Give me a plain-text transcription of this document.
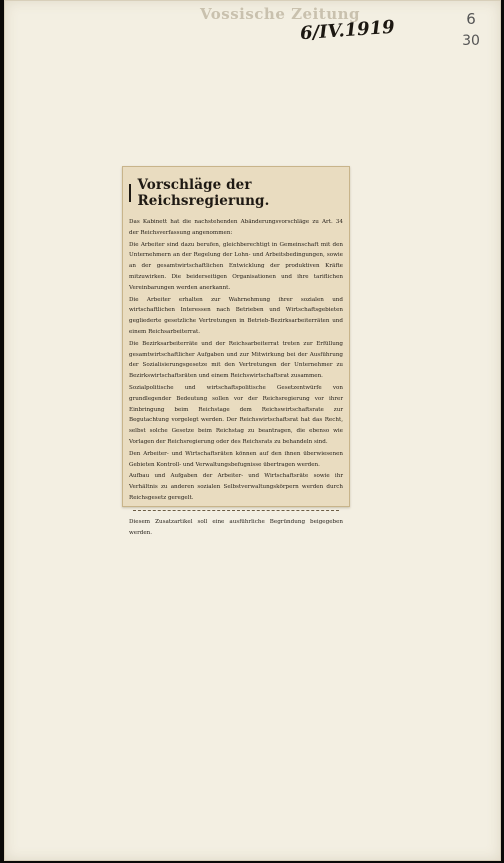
Vossische Zeitung
6/IV.1919	6
30
Vorschläge der Reichsregierung.

Das Kabinett hat die nachstehenden Abänderungsvorschläge zu Art. 34 der Reichsverfassung angenommen:

Die Arbeiter sind dazu berufen, gleichberechtigt in Gemeinschaft mit den Unternehmern an der Regelung der Lohn- und Arbeitsbedingungen, sowie an der gesamtwirtschaftlichen Entwicklung der produktiven Kräfte mitzuwirken. Die beiderseitigen Organisationen und ihre tariflichen Vereinbarungen werden anerkannt.

Die Arbeiter erhalten zur Wahrnehmung ihrer sozialen und wirtschaftlichen Interessen nach Betrieben und Wirtschaftsgebieten gegliederte gesetzliche Vertretungen in Betrieb-Bezirksarbeiterräten und einem Reichsarbeiterrat.

Die Bezirksarbeiterräte und der Reichsarbeiterrat treten zur Erfüllung gesamtwirtschaftlicher Aufgaben und zur Mitwirkung bei der Ausführung der Sozialisierungsgesetze mit den Vertretungen der Unternehmer zu Bezirkswirtschaftsräten und einem Reichswirtschaftsrat zusammen.

Sozialpolitische und wirtschaftspolitische Gesetzentwürfe von grundlegender Bedeutung sollen vor der Reichsregierung vor ihrer Einbringung beim Reichstage dem Reichswirtschaftsrate zur Begutachtung vorgelegt werden. Der Reichswirtschaftsrat hat das Recht, selbst solche Gesetze beim Reichstag zu beantragen, die ebenso wie Vorlagen der Reichsregierung oder des Reichsrats zu behandeln sind.

Den Arbeiter- und Wirtschaftsräten können auf den ihnen überwiesenen Gebieten Kontroll- und Verwaltungsbefugnisse übertragen werden.

Aufbau und Aufgaben der Arbeiter- und Wirtschaftsräte sowie ihr Verhältnis zu anderen sozialen Selbstverwaltungskörpern werden durch Reichsgesetz geregelt.

Diesem Zusatzartikel soll eine ausführliche Begründung beigegeben werden.
